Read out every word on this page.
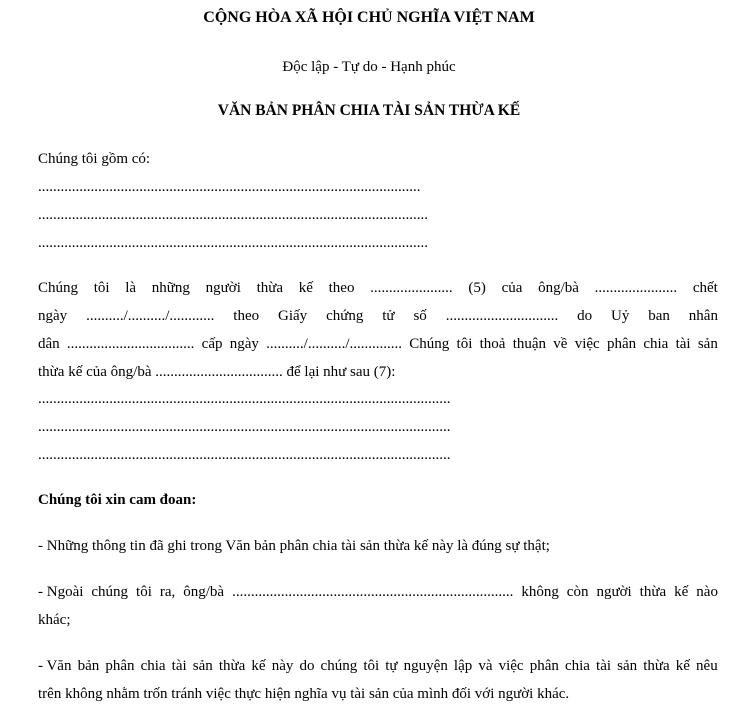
CỘNG HÒA XÃ HỘI CHỦ NGHĨA VIỆT NAM
Độc lập - Tự do - Hạnh phúc
VĂN BẢN PHÂN CHIA TÀI SẢN THỪA KẾ
Chúng tôi gồm có:
......................................................................................................
........................................................................................................
........................................................................................................
Chúng tôi là những người thừa kế theo ...................... (5) của ông/bà ...................... chết
ngày ........../........../............ theo Giấy chứng tử số .............................. do Uỷ ban nhân
dân .................................. cấp ngày ........../........../.............. Chúng tôi thoả thuận về việc phân chia tài sản
thừa kế của ông/bà .................................. để lại như sau (7):
..............................................................................................................
..............................................................................................................
..............................................................................................................
Chúng tôi xin cam đoan:
- Những thông tin đã ghi trong Văn bản phân chia tài sản thừa kế này là đúng sự thật;
- Ngoài chúng tôi ra, ông/bà ........................................................................... không còn người thừa kế nào
khác;
- Văn bản phân chia tài sản thừa kế này do chúng tôi tự nguyện lập và việc phân chia tài sản thừa kế nêu
trên không nhằm trốn tránh việc thực hiện nghĩa vụ tài sản của mình đối với người khác.
